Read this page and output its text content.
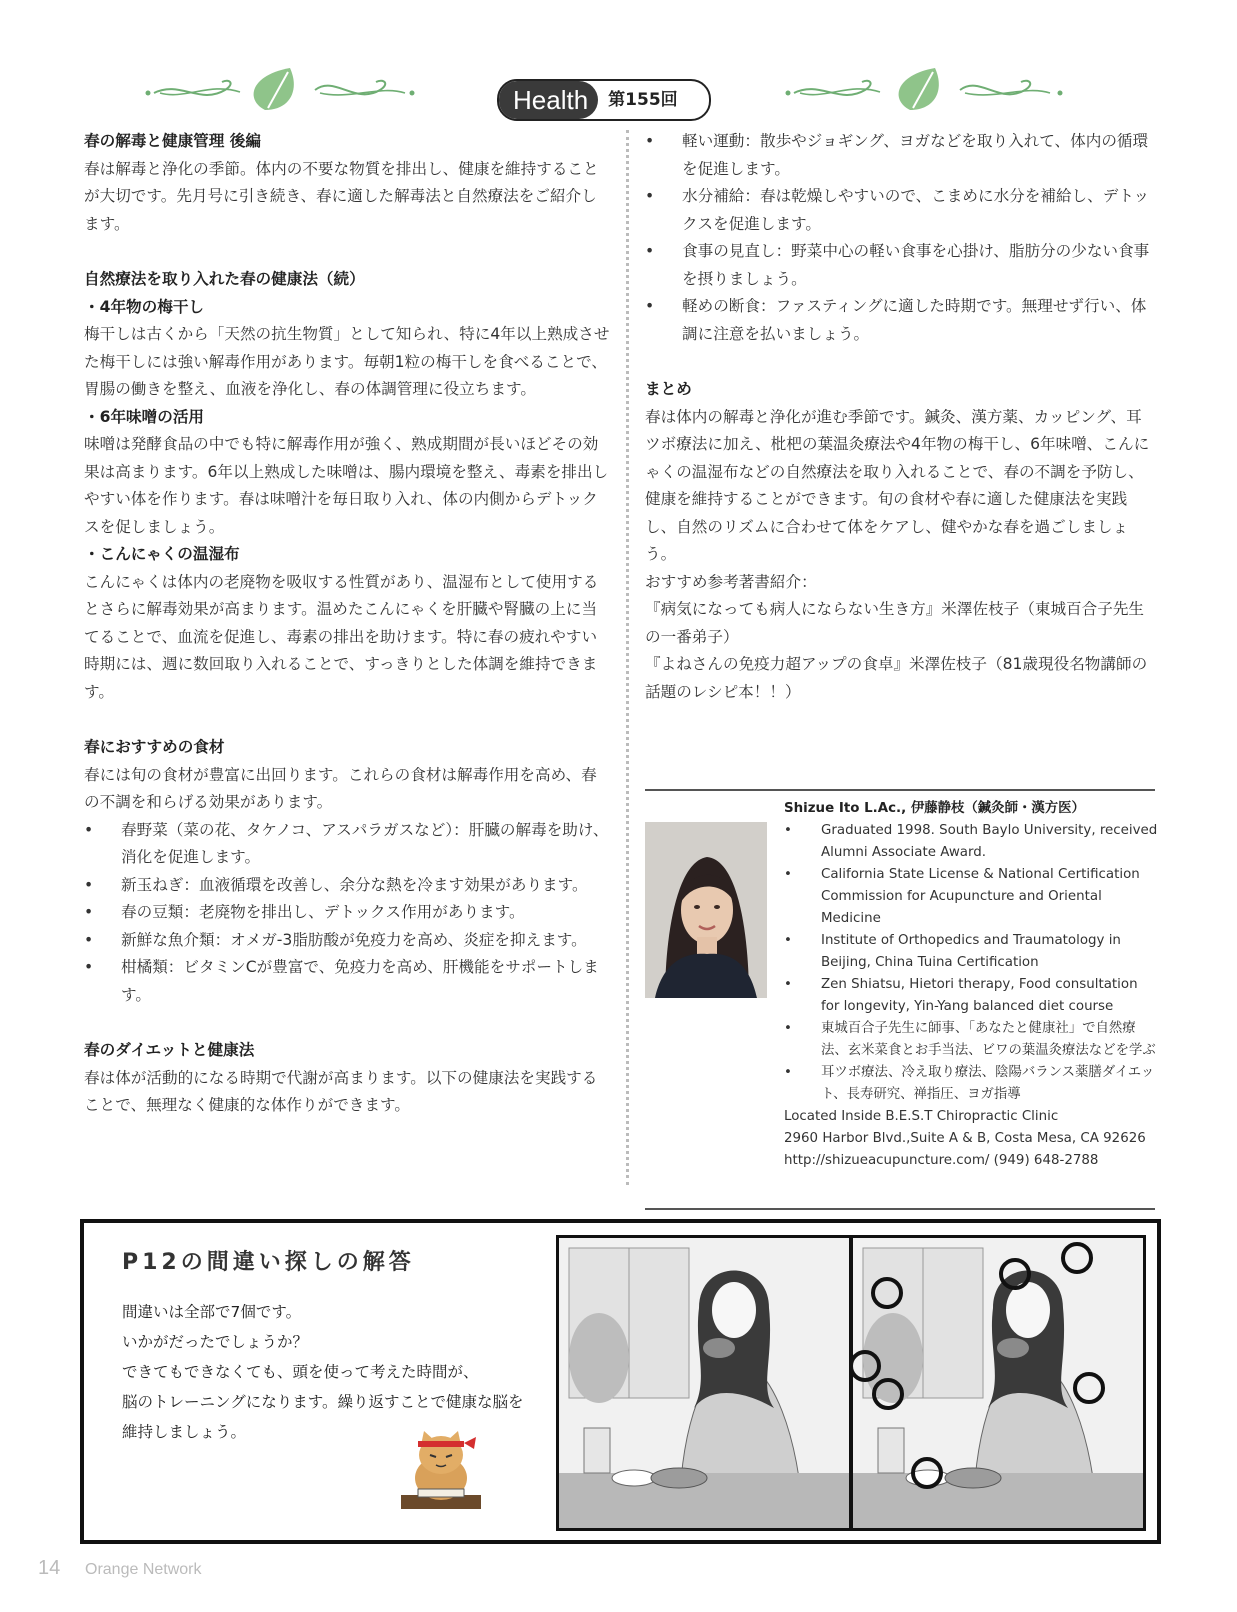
Health	第155回
春の解毒と健康管理 後編

春は解毒と浄化の季節。体内の不要な物質を排出し、健康を維持することが大切です。先月号に引き続き、春に適した解毒法と自然療法をご紹介します。

自然療法を取り入れた春の健康法（続）
・4年物の梅干し

梅干しは古くから「天然の抗生物質」として知られ、特に4年以上熟成させた梅干しには強い解毒作用があります。毎朝1粒の梅干しを食べることで、胃腸の働きを整え、血液を浄化し、春の体調管理に役立ちます。

・6年味噌の活用

味噌は発酵食品の中でも特に解毒作用が強く、熟成期間が長いほどその効果は高まります。6年以上熟成した味噌は、腸内環境を整え、毒素を排出しやすい体を作ります。春は味噌汁を毎日取り入れ、体の内側からデトックスを促しましょう。

・こんにゃくの温湿布

こんにゃくは体内の老廃物を吸収する性質があり、温湿布として使用するとさらに解毒効果が高まります。温めたこんにゃくを肝臓や腎臓の上に当てることで、血流を促進し、毒素の排出を助けます。特に春の疲れやすい時期には、週に数回取り入れることで、すっきりとした体調を維持できます。

春におすすめの食材

春には旬の食材が豊富に出回ります。これらの食材は解毒作用を高め、春の不調を和らげる効果があります。

• 春野菜（菜の花、タケノコ、アスパラガスなど）：肝臓の解毒を助け、消化を促進します。
• 新玉ねぎ：血液循環を改善し、余分な熱を冷ます効果があります。
• 春の豆類：老廃物を排出し、デトックス作用があります。
• 新鮮な魚介類：オメガ-3脂肪酸が免疫力を高め、炎症を抑えます。
• 柑橘類：ビタミンCが豊富で、免疫力を高め、肝機能をサポートします。
春のダイエットと健康法

春は体が活動的になる時期で代謝が高まります。以下の健康法を実践することで、無理なく健康的な体作りができます。

• 軽い運動：散歩やジョギング、ヨガなどを取り入れて、体内の循環を促進します。
• 水分補給：春は乾燥しやすいので、こまめに水分を補給し、デトックスを促進します。
• 食事の見直し：野菜中心の軽い食事を心掛け、脂肪分の少ない食事を摂りましょう。
• 軽めの断食：ファスティングに適した時期です。無理せず行い、体調に注意を払いましょう。
まとめ

春は体内の解毒と浄化が進む季節です。鍼灸、漢方薬、カッピング、耳ツボ療法に加え、枇杷の葉温灸療法や4年物の梅干し、6年味噌、こんにゃくの温湿布などの自然療法を取り入れることで、春の不調を予防し、健康を維持することができます。旬の食材や春に適した健康法を実践し、自然のリズムに合わせて体をケアし、健やかな春を過ごしましょう。

おすすめ参考著書紹介：

『病気になっても病人にならない生き方』米澤佐枝子（東城百合子先生の一番弟子）

『よねさんの免疫力超アップの食卓』米澤佐枝子（81歳現役名物講師の話題のレシピ本！！）

Shizue Ito L.Ac., 伊藤静枝（鍼灸師・漢方医）
• Graduated 1998. South Baylo University, received Alumni Associate Award.
• California State License & National Certification Commission for Acupuncture and Oriental Medicine
• Institute of Orthopedics and Traumatology in Beijing, China Tuina Certification
• Zen Shiatsu, Hietori therapy, Food consultation for longevity, Yin-Yang balanced diet course
• 東城百合子先生に師事、「あなたと健康社」で自然療法、玄米菜食とお手当法、ビワの葉温灸療法などを学ぶ
• 耳ツボ療法、冷え取り療法、陰陽バランス薬膳ダイエット、長寿研究、禅指圧、ヨガ指導
Located Inside B.E.S.T Chiropractic Clinic
2960 Harbor Blvd.,Suite A & B, Costa Mesa, CA 92626
http://shizueacupuncture.com/ (949) 648-2788
P12の間違い探しの解答
間違いは全部で7個です。
いかがだったでしょうか？
できてもできなくても、頭を使って考えた時間が、
脳のトレーニングになります。繰り返すことで健康な脳を
維持しましょう。
14 Orange Network
